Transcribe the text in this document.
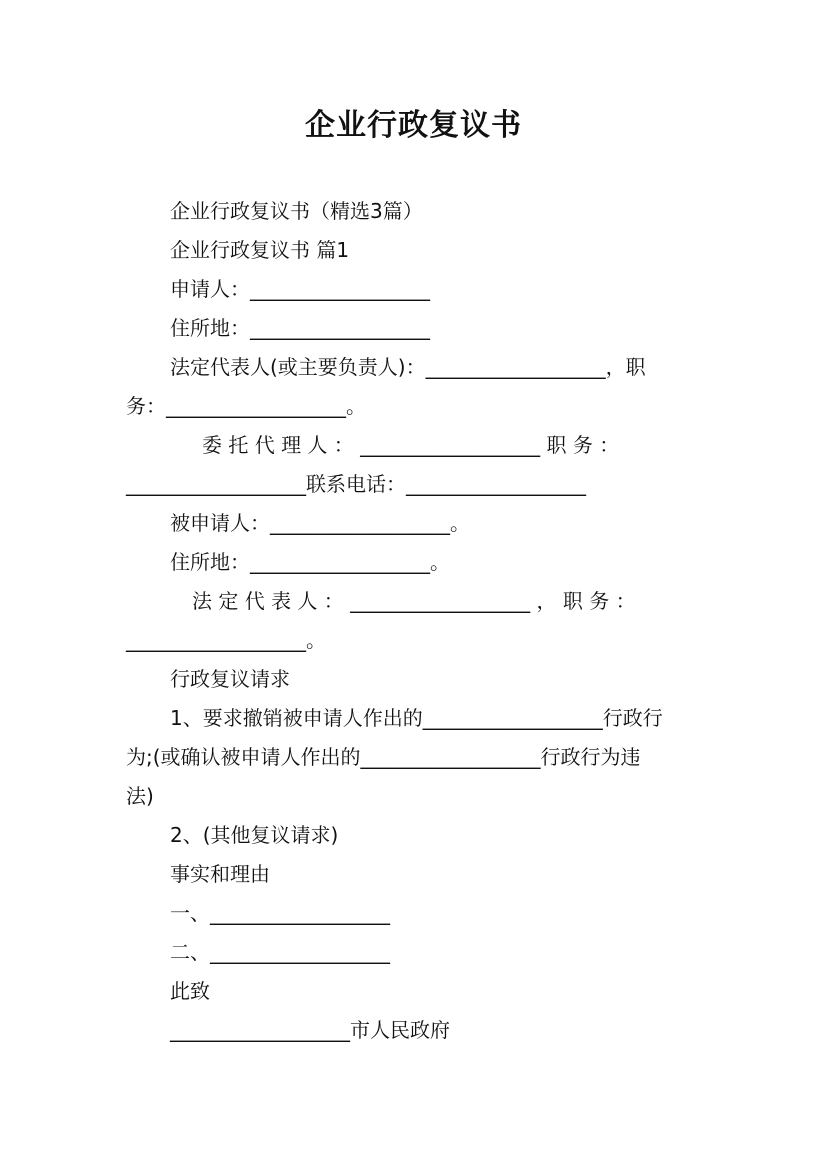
企业行政复议书
企业行政复议书（精选3篇）
企业行政复议书 篇1
申请人：__________________
住所地：__________________
法定代表人(或主要负责人)：__________________，职
务：__________________。
委 托 代 理 人 ： __________________ 职 务 ：
__________________联系电话：__________________
被申请人：__________________。
住所地：__________________。
法 定 代 表 人 ： __________________ ， 职 务 ：
__________________。
行政复议请求
1、要求撤销被申请人作出的__________________行政行
为;(或确认被申请人作出的__________________行政行为违
法)
2、(其他复议请求)
事实和理由
一、__________________
二、__________________
此致
__________________市人民政府
